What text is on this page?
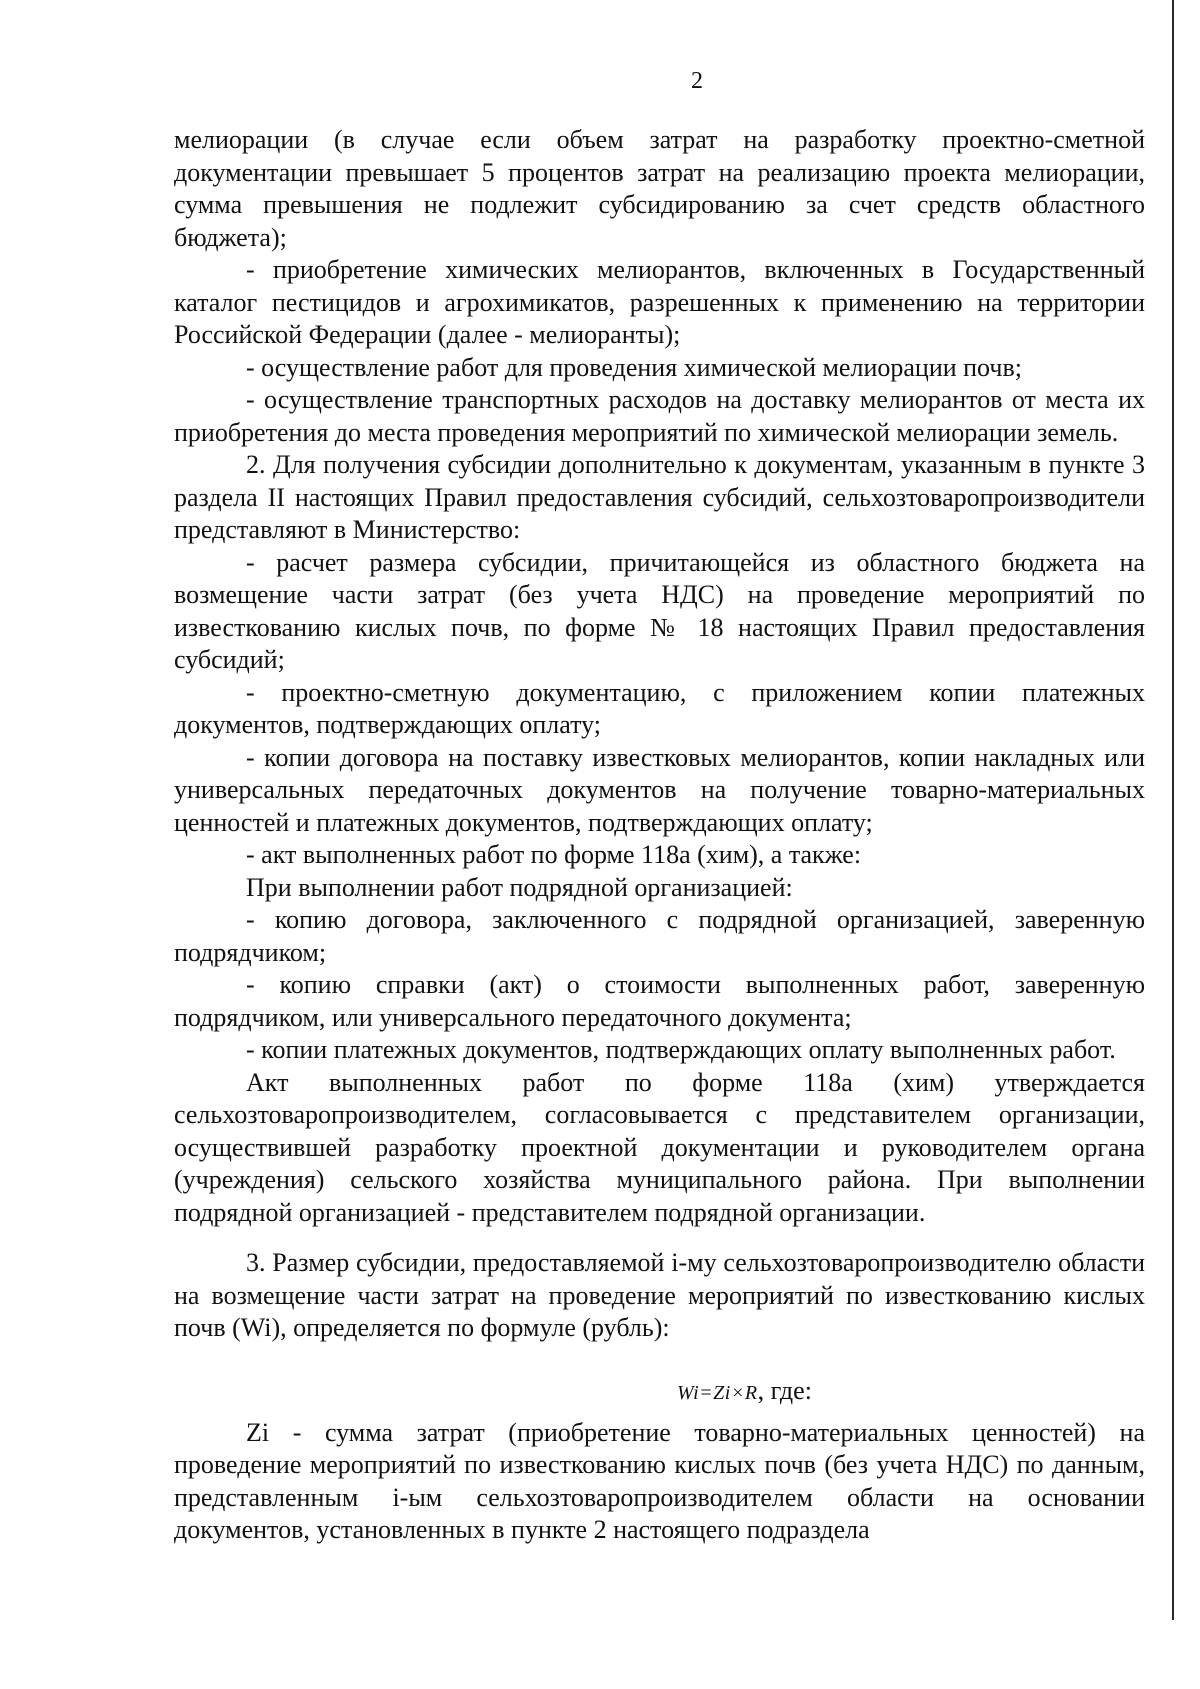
2

мелиорации (в случае если объем затрат на разработку проектно-сметной документации превышает 5 процентов затрат на реализацию проекта мелиорации, сумма превышения не подлежит субсидированию за счет средств областного бюджета);

- приобретение химических мелиорантов, включенных в Государственный каталог пестицидов и агрохимикатов, разрешенных к применению на территории Российской Федерации (далее - мелиоранты);

- осуществление работ для проведения химической мелиорации почв;

- осуществление транспортных расходов на доставку мелиорантов от места их приобретения до места проведения мероприятий по химической мелиорации земель.

2. Для получения субсидии дополнительно к документам, указанным в пункте 3 раздела II настоящих Правил предоставления субсидий, сельхозтоваропроизводители представляют в Министерство:

- расчет размера субсидии, причитающейся из областного бюджета на возмещение части затрат (без учета НДС) на проведение мероприятий по известкованию кислых почв, по форме № 18 настоящих Правил предоставления субсидий;

- проектно-сметную документацию, с приложением копии платежных документов, подтверждающих оплату;

- копии договора на поставку известковых мелиорантов, копии накладных или универсальных передаточных документов на получение товарно-материальных ценностей и платежных документов, подтверждающих оплату;

- акт выполненных работ по форме 118а (хим), а также:

При выполнении работ подрядной организацией:

- копию договора, заключенного с подрядной организацией, заверенную подрядчиком;

- копию справки (акт) о стоимости выполненных работ, заверенную подрядчиком, или универсального передаточного документа;

- копии платежных документов, подтверждающих оплату выполненных работ.

Акт выполненных работ по форме 118а (хим) утверждается сельхозтоваропроизводителем, согласовывается с представителем организации, осуществившей разработку проектной документации и руководителем органа (учреждения) сельского хозяйства муниципального района. При выполнении подрядной организацией - представителем подрядной организации.

3. Размер субсидии, предоставляемой i-му сельхозтоваропроизводителю области на возмещение части затрат на проведение мероприятий по известкованию кислых почв (Wi), определяется по формуле (рубль):

Wi=Zi×R, где:

Zi - сумма затрат (приобретение товарно-материальных ценностей) на проведение мероприятий по известкованию кислых почв (без учета НДС) по данным, представленным i-ым сельхозтоваропроизводителем области на основании документов, установленных в пункте 2 настоящего подраздела
